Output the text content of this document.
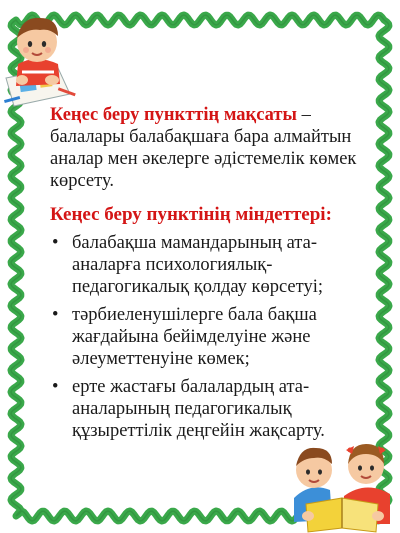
Кеңес беру пункттің мақсаты – балалары балабақшаға бара алмайтын аналар мен әкелерге әдістемелік көмек көрсету.

Кеңес беру пунктінің міндеттері:
• балабақша мамандарының ата-аналарға психологиялық-педагогикалық қолдау көрсетуі;
• тәрбиеленушілерге бала бақша жағдайына бейімделуіне және әлеуметтенуіне көмек;
• ерте жастағы балалардың ата-аналарының педагогикалық құзыреттілік деңгейін жақсарту.
